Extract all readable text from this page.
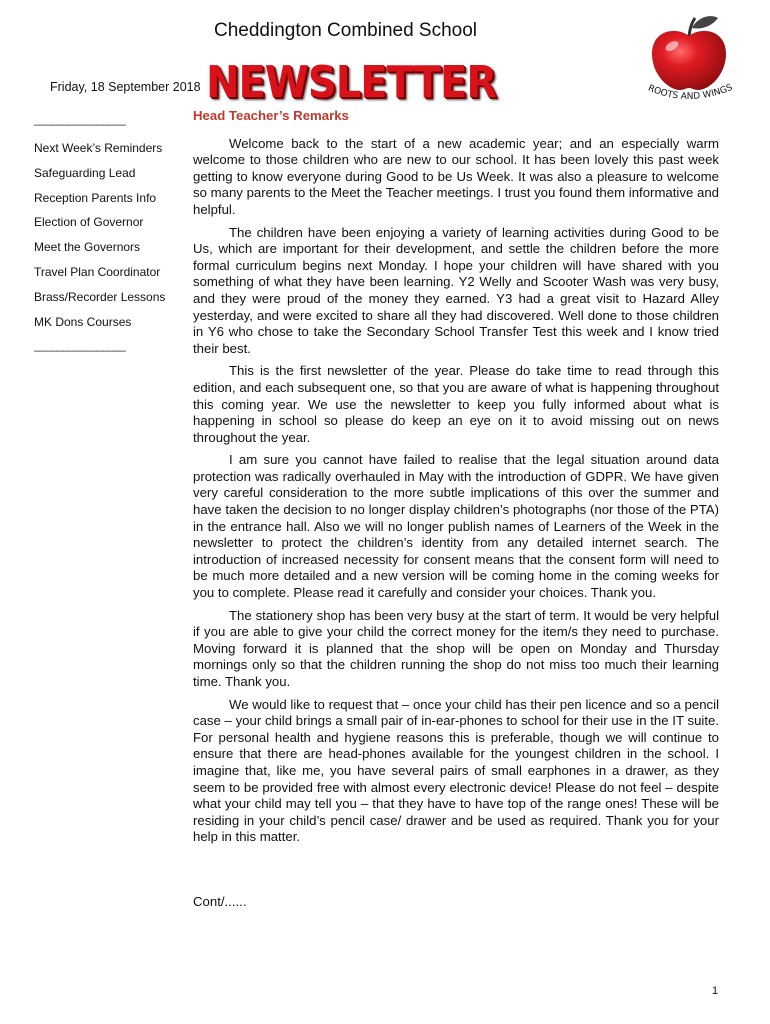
Cheddington Combined School
Friday, 18 September 2018 NEWSLETTER	ROOTS AND WINGS
________________
Next Week’s Reminders
Safeguarding Lead
Reception Parents Info
Election of Governor
Meet the Governors
Travel Plan Coordinator
Brass/Recorder Lessons
MK Dons Courses
________________
Head Teacher’s Remarks

Welcome back to the start of a new academic year; and an especially warm welcome to those children who are new to our school. It has been lovely this past week getting to know everyone during Good to be Us Week. It was also a pleasure to welcome so many parents to the Meet the Teacher meetings. I trust you found them informative and helpful.

The children have been enjoying a variety of learning activities during Good to be Us, which are important for their development, and settle the children before the more formal curriculum begins next Monday. I hope your children will have shared with you something of what they have been learning. Y2 Welly and Scooter Wash was very busy, and they were proud of the money they earned. Y3 had a great visit to Hazard Alley yesterday, and were excited to share all they had discovered. Well done to those children in Y6 who chose to take the Secondary School Transfer Test this week and I know tried their best.

This is the first newsletter of the year. Please do take time to read through this edition, and each subsequent one, so that you are aware of what is happening throughout this coming year. We use the newsletter to keep you fully informed about what is happening in school so please do keep an eye on it to avoid missing out on news throughout the year.

I am sure you cannot have failed to realise that the legal situation around data protection was radically overhauled in May with the introduction of GDPR. We have given very careful consideration to the more subtle implications of this over the summer and have taken the decision to no longer display children’s photographs (nor those of the PTA) in the entrance hall. Also we will no longer publish names of Learners of the Week in the newsletter to protect the children’s identity from any detailed internet search. The introduction of increased necessity for consent means that the consent form will need to be much more detailed and a new version will be coming home in the coming weeks for you to complete. Please read it carefully and consider your choices. Thank you.

The stationery shop has been very busy at the start of term. It would be very helpful if you are able to give your child the correct money for the item/s they need to purchase. Moving forward it is planned that the shop will be open on Monday and Thursday mornings only so that the children running the shop do not miss too much their learning time. Thank you.

We would like to request that – once your child has their pen licence and so a pencil case – your child brings a small pair of in-ear-phones to school for their use in the IT suite. For personal health and hygiene reasons this is preferable, though we will continue to ensure that there are head-phones available for the youngest children in the school. I imagine that, like me, you have several pairs of small earphones in a drawer, as they seem to be provided free with almost every electronic device! Please do not feel – despite what your child may tell you – that they have to have top of the range ones! These will be residing in your child’s pencil case/ drawer and be used as required. Thank you for your help in this matter.

Cont/......
1
